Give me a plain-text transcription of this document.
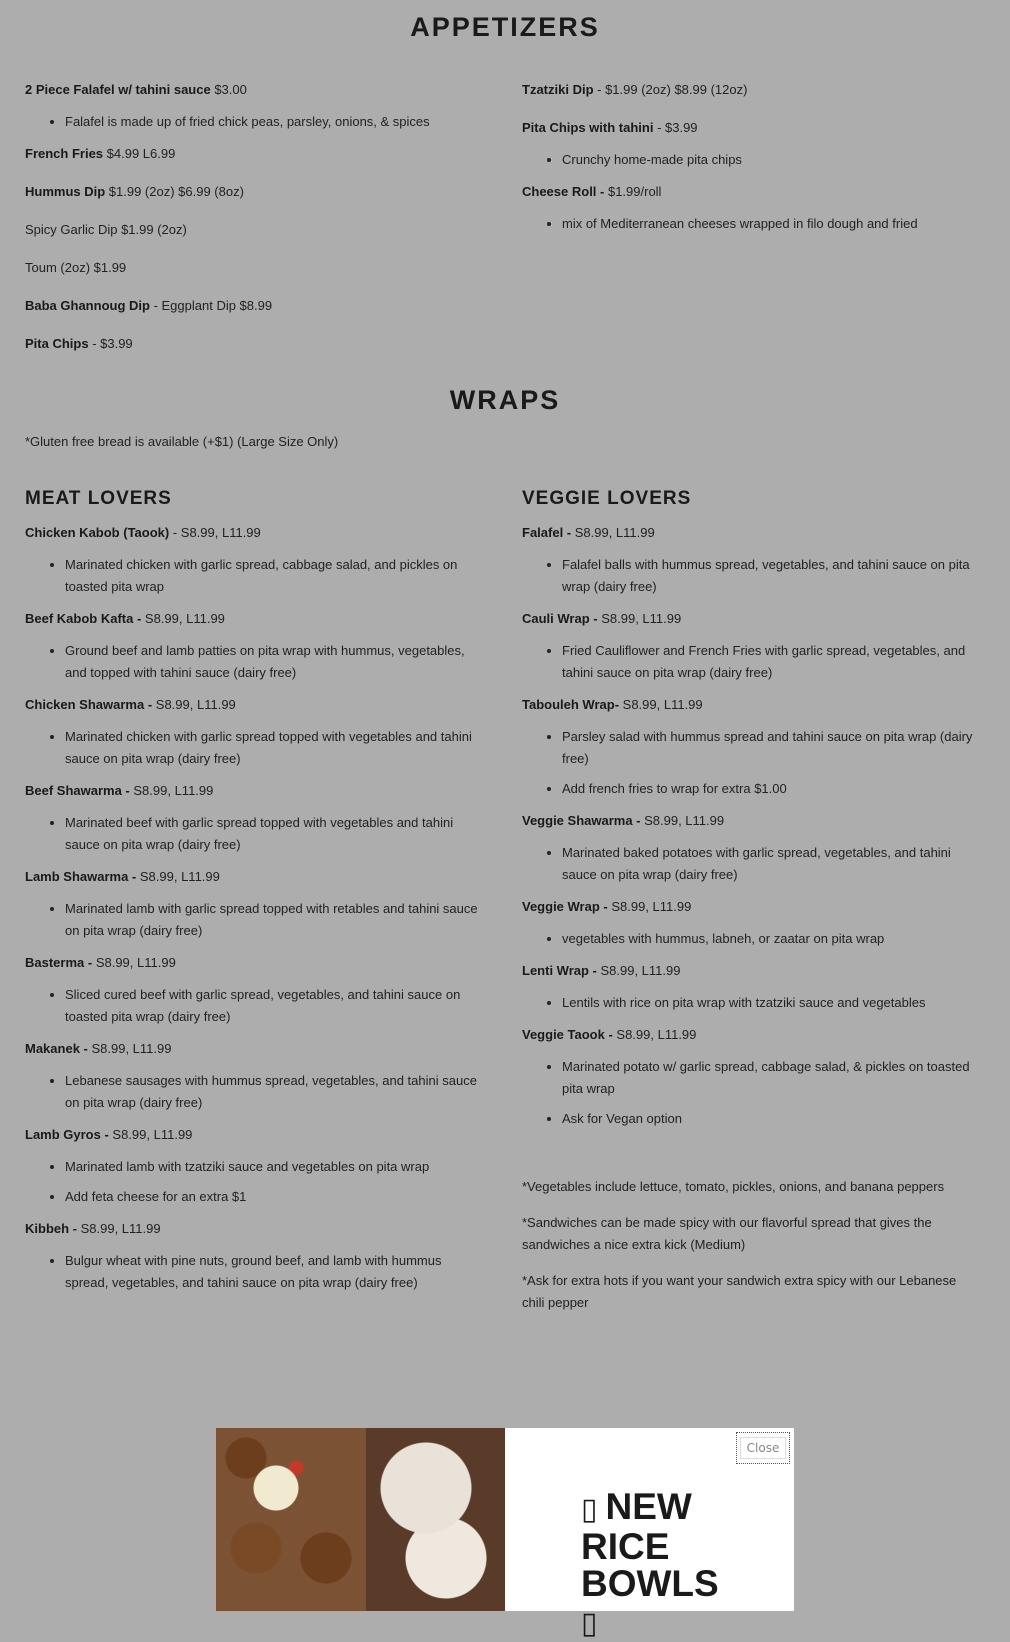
APPETIZERS

2 Piece Falafel w/ tahini sauce $3.00

• Falafel is made up of fried chick peas, parsley, onions, & spices

French Fries $4.99 L6.99

Hummus Dip $1.99 (2oz) $6.99 (8oz)

Spicy Garlic Dip $1.99 (2oz)

Toum (2oz) $1.99

Baba Ghannoug Dip - Eggplant Dip $8.99

Pita Chips - $3.99

Tzatziki Dip - $1.99 (2oz) $8.99 (12oz)

Pita Chips with tahini - $3.99

• Crunchy home-made pita chips

Cheese Roll - $1.99/roll

• mix of Mediterranean cheeses wrapped in filo dough and fried
WRAPS
*Gluten free bread is available (+$1) (Large Size Only)
MEAT LOVERS

Chicken Kabob (Taook) - S8.99, L11.99

• Marinated chicken with garlic spread, cabbage salad, and pickles on toasted pita wrap

Beef Kabob Kafta - S8.99, L11.99

• Ground beef and lamb patties on pita wrap with hummus, vegetables, and topped with tahini sauce (dairy free)

Chicken Shawarma - S8.99, L11.99

• Marinated chicken with garlic spread topped with vegetables and tahini sauce on pita wrap (dairy free)

Beef Shawarma - S8.99, L11.99

• Marinated beef with garlic spread topped with vegetables and tahini sauce on pita wrap (dairy free)

Lamb Shawarma - S8.99, L11.99

• Marinated lamb with garlic spread topped with retables and tahini sauce on pita wrap (dairy free)

Basterma - S8.99, L11.99

• Sliced cured beef with garlic spread, vegetables, and tahini sauce on toasted pita wrap (dairy free)

Makanek - S8.99, L11.99

• Lebanese sausages with hummus spread, vegetables, and tahini sauce on pita wrap (dairy free)

Lamb Gyros - S8.99, L11.99

• Marinated lamb with tzatziki sauce and vegetables on pita wrap
• Add feta cheese for an extra $1

Kibbeh - S8.99, L11.99

• Bulgur wheat with pine nuts, ground beef, and lamb with hummus spread, vegetables, and tahini sauce on pita wrap (dairy free)
VEGGIE LOVERS

Falafel - S8.99, L11.99

• Falafel balls with hummus spread, vegetables, and tahini sauce on pita wrap (dairy free)

Cauli Wrap - S8.99, L11.99

• Fried Cauliflower and French Fries with garlic spread, vegetables, and tahini sauce on pita wrap (dairy free)

Tabouleh Wrap- S8.99, L11.99

• Parsley salad with hummus spread and tahini sauce on pita wrap (dairy free)
• Add french fries to wrap for extra $1.00

Veggie Shawarma - S8.99, L11.99

• Marinated baked potatoes with garlic spread, vegetables, and tahini sauce on pita wrap (dairy free)

Veggie Wrap - S8.99, L11.99

• vegetables with hummus, labneh, or zaatar on pita wrap

Lenti Wrap - S8.99, L11.99

• Lentils with rice on pita wrap with tzatziki sauce and vegetables

Veggie Taook - S8.99, L11.99

• Marinated potato w/ garlic spread, cabbage salad, & pickles on toasted pita wrap
• Ask for Vegan option

*Vegetables include lettuce, tomato, pickles, onions, and banana peppers

*Sandwiches can be made spicy with our flavorful spread that gives the sandwiches a nice extra kick (Medium)

*Ask for extra hots if you want your sandwich extra spicy with our Lebanese chili pepper

Close
▯ NEW
RICE
BOWLS
▯
